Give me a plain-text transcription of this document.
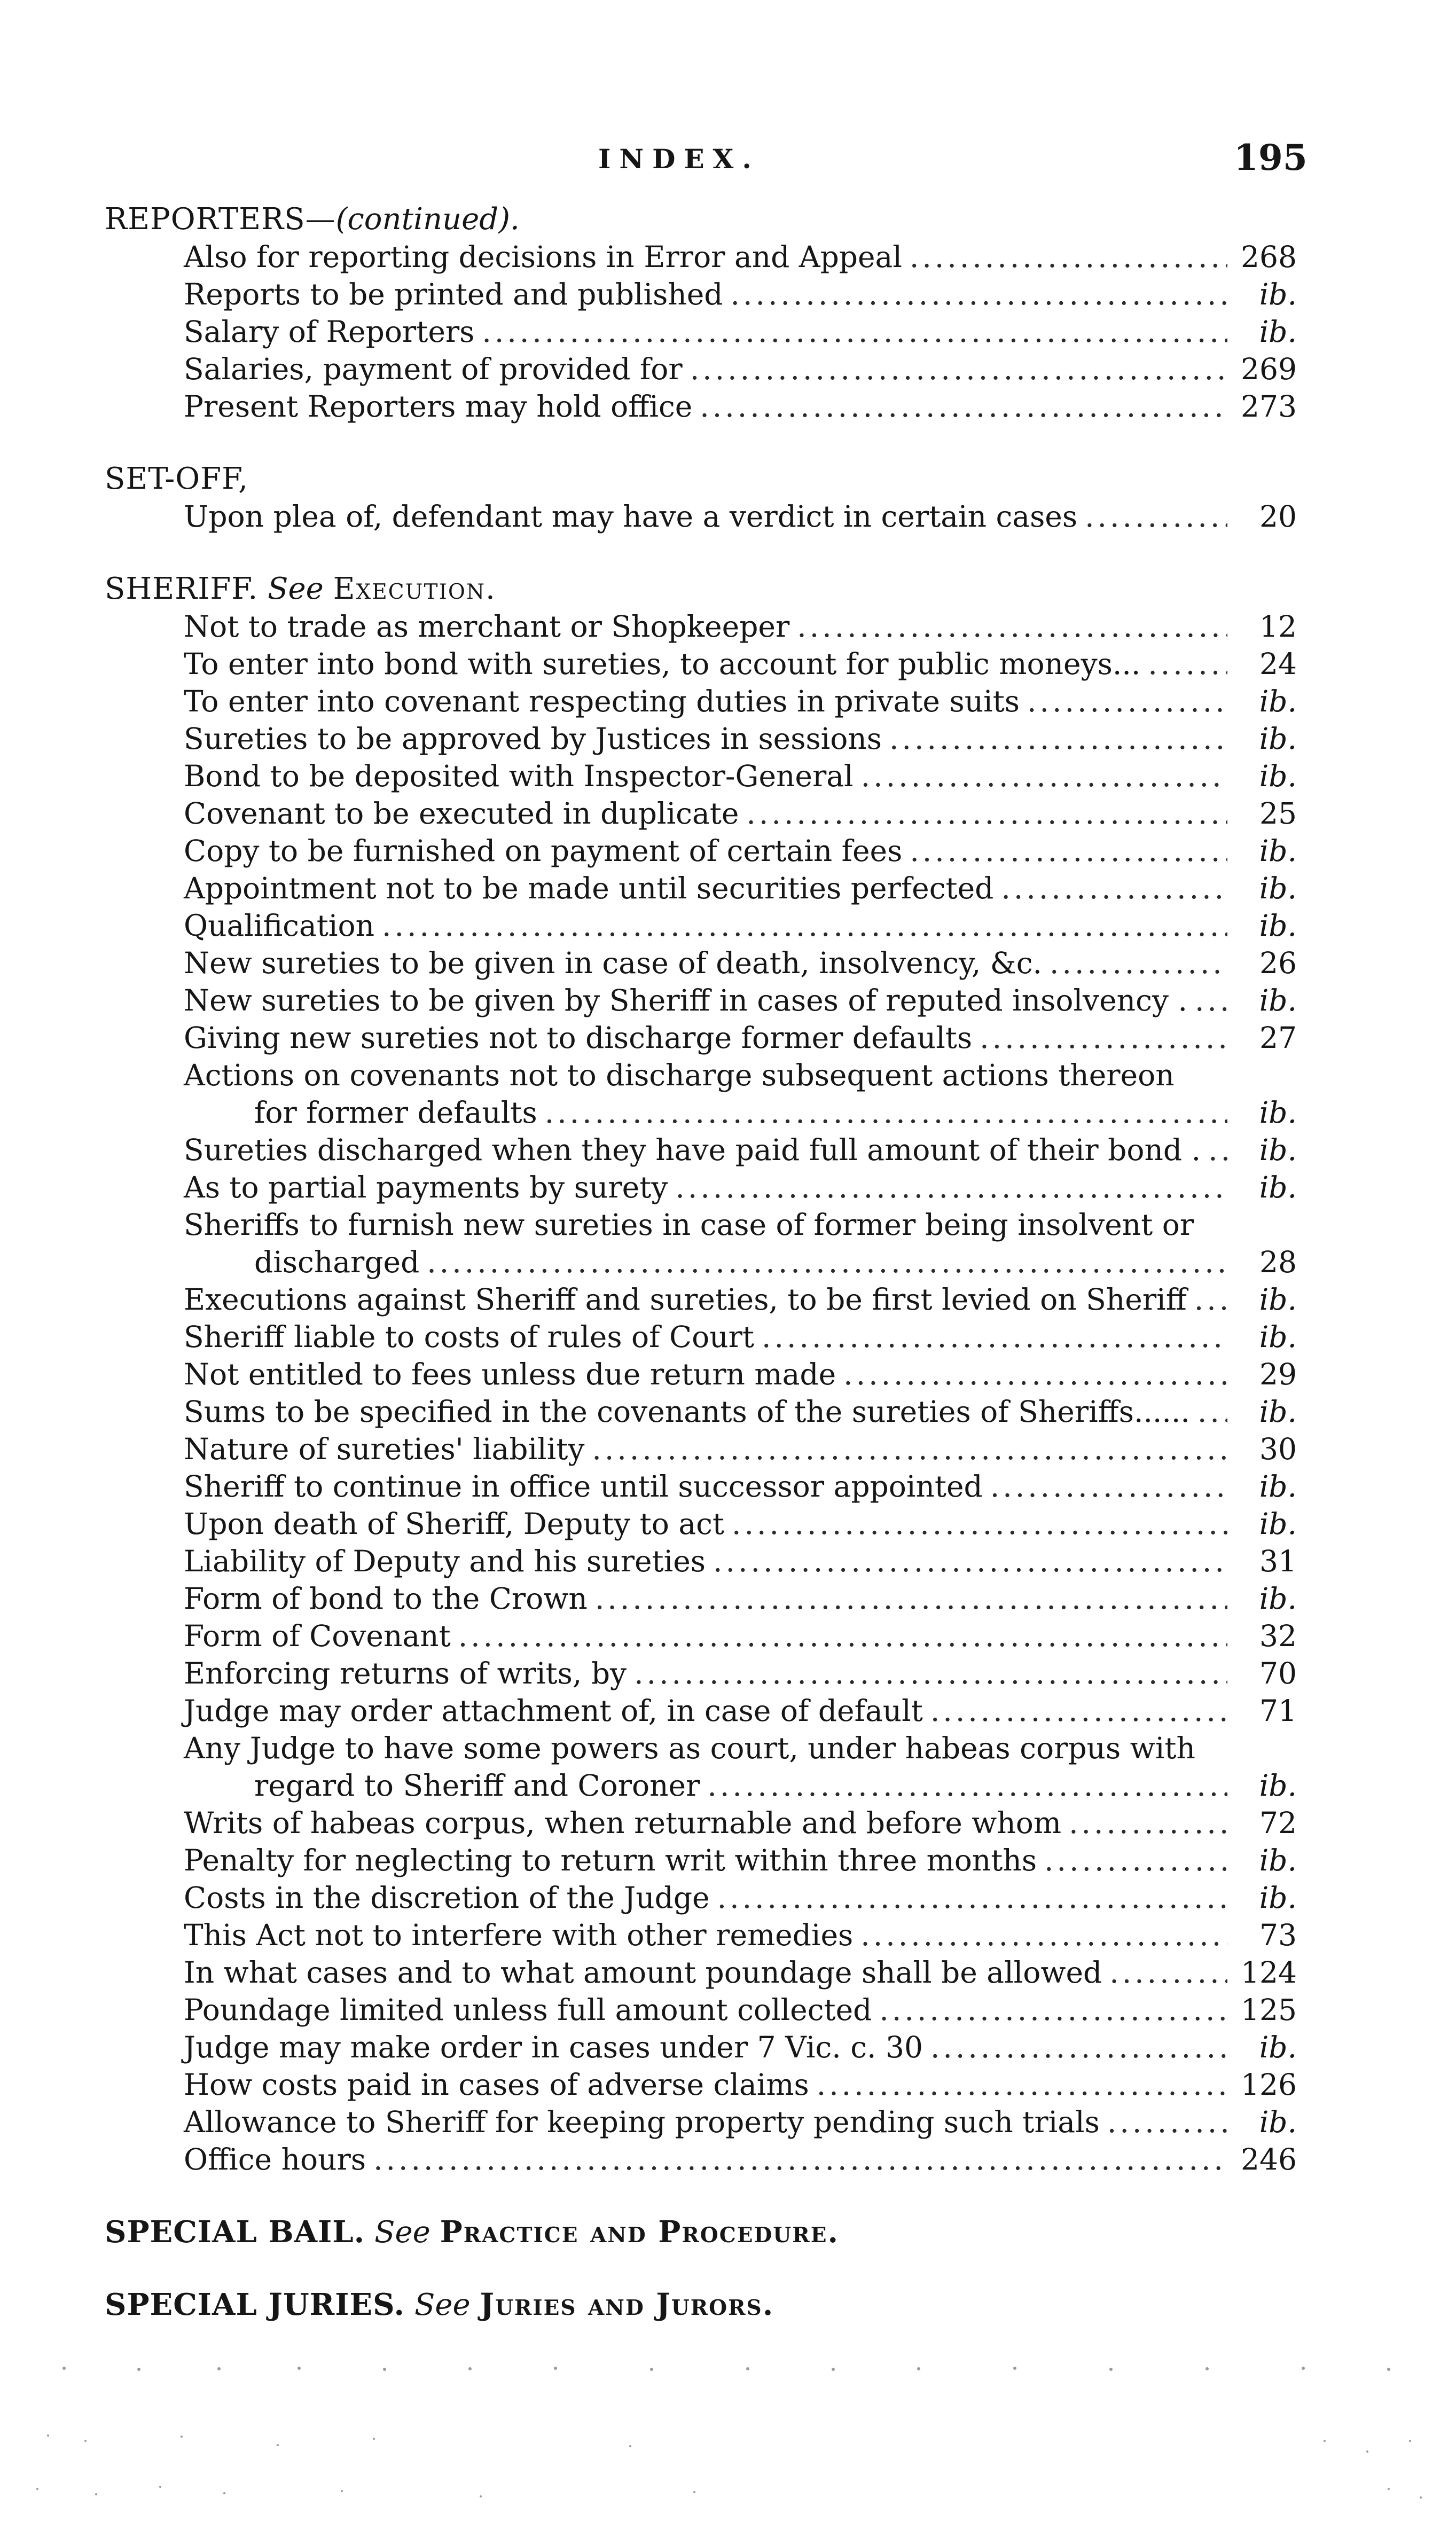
INDEX.	195
REPORTERS—(continued).
Also for reporting decisions in Error and Appeal .....	268
Reports to be printed and published .....	ib.
Salary of Reporters .....	ib.
Salaries, payment of provided for .....	269
Present Reporters may hold office .....	273
SET-OFF,
Upon plea of, defendant may have a verdict in certain cases .....	20
SHERIFF. See Execution.
Not to trade as merchant or Shopkeeper .....	12
To enter into bond with sureties, to account for public moneys... .....	24
To enter into covenant respecting duties in private suits .....	ib.
Sureties to be approved by Justices in sessions .....	ib.
Bond to be deposited with Inspector-General .....	ib.
Covenant to be executed in duplicate .....	25
Copy to be furnished on payment of certain fees .....	ib.
Appointment not to be made until securities perfected .....	ib.
Qualification .....	ib.
New sureties to be given in case of death, insolvency, &c. .....	26
New sureties to be given by Sheriff in cases of reputed insolvency . .....	ib.
Giving new sureties not to discharge former defaults .....	27
Actions on covenants not to discharge subsequent actions thereon
for former defaults .....	ib.
Sureties discharged when they have paid full amount of their bond . .....	ib.
As to partial payments by surety .....	ib.
Sheriffs to furnish new sureties in case of former being insolvent or
discharged .....	28
Executions against Sheriff and sureties, to be first levied on Sheriff .....	ib.
Sheriff liable to costs of rules of Court .....	ib.
Not entitled to fees unless due return made .....	29
Sums to be specified in the covenants of the sureties of Sheriffs...... .....	ib.
Nature of sureties' liability .....	30
Sheriff to continue in office until successor appointed .....	ib.
Upon death of Sheriff, Deputy to act .....	ib.
Liability of Deputy and his sureties .....	31
Form of bond to the Crown .....	ib.
Form of Covenant .....	32
Enforcing returns of writs, by .....	70
Judge may order attachment of, in case of default .....	71
Any Judge to have some powers as court, under habeas corpus with
regard to Sheriff and Coroner .....	ib.
Writs of habeas corpus, when returnable and before whom .....	72
Penalty for neglecting to return writ within three months .....	ib.
Costs in the discretion of the Judge .....	ib.
This Act not to interfere with other remedies .....	73
In what cases and to what amount poundage shall be allowed .....	124
Poundage limited unless full amount collected .....	125
Judge may make order in cases under 7 Vic. c. 30 .....	ib.
How costs paid in cases of adverse claims .....	126
Allowance to Sheriff for keeping property pending such trials .....	ib.
Office hours .....	246
SPECIAL BAIL. See Practice and Procedure.
SPECIAL JURIES. See Juries and Jurors.
